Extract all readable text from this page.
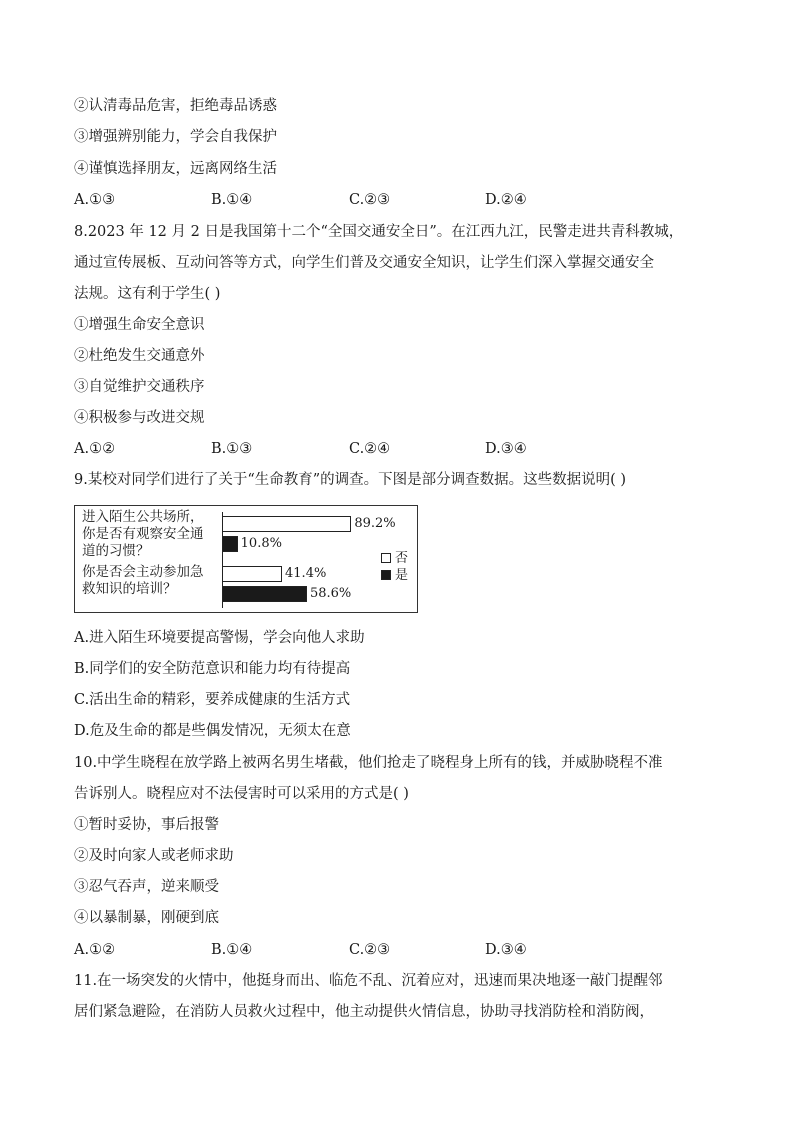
②认清毒品危害，拒绝毒品诱惑
③增强辨别能力，学会自我保护
④谨慎选择朋友，远离网络生活
A.①③	B.①④	C.②③	D.②④
8.2023 年 12 月 2 日是我国第十二个“全国交通安全日”。在江西九江，民警走进共青科教城，
通过宣传展板、互动问答等方式，向学生们普及交通安全知识，让学生们深入掌握交通安全
法规。这有利于学生( )
①增强生命安全意识
②杜绝发生交通意外
③自觉维护交通秩序
④积极参与改进交规
A.①②	B.①③	C.②④	D.③④
9.某校对同学们进行了关于“生命教育”的调查。下图是部分调查数据。这些数据说明( )
进入陌生公共场所，
你是否有观察安全通
道的习惯？
89.2%
10.8%
你是否会主动参加急
救知识的培训？
41.4%
58.6%
否
是
A.进入陌生环境要提高警惕，学会向他人求助
B.同学们的安全防范意识和能力均有待提高
C.活出生命的精彩，要养成健康的生活方式
D.危及生命的都是些偶发情况，无须太在意
10.中学生晓程在放学路上被两名男生堵截，他们抢走了晓程身上所有的钱，并威胁晓程不准
告诉别人。晓程应对不法侵害时可以采用的方式是( )
①暂时妥协，事后报警
②及时向家人或老师求助
③忍气吞声，逆来顺受
④以暴制暴，刚硬到底
A.①②	B.①④	C.②③	D.③④
11.在一场突发的火情中，他挺身而出、临危不乱、沉着应对，迅速而果决地逐一敲门提醒邻
居们紧急避险，在消防人员救火过程中，他主动提供火情信息，协助寻找消防栓和消防阀，
